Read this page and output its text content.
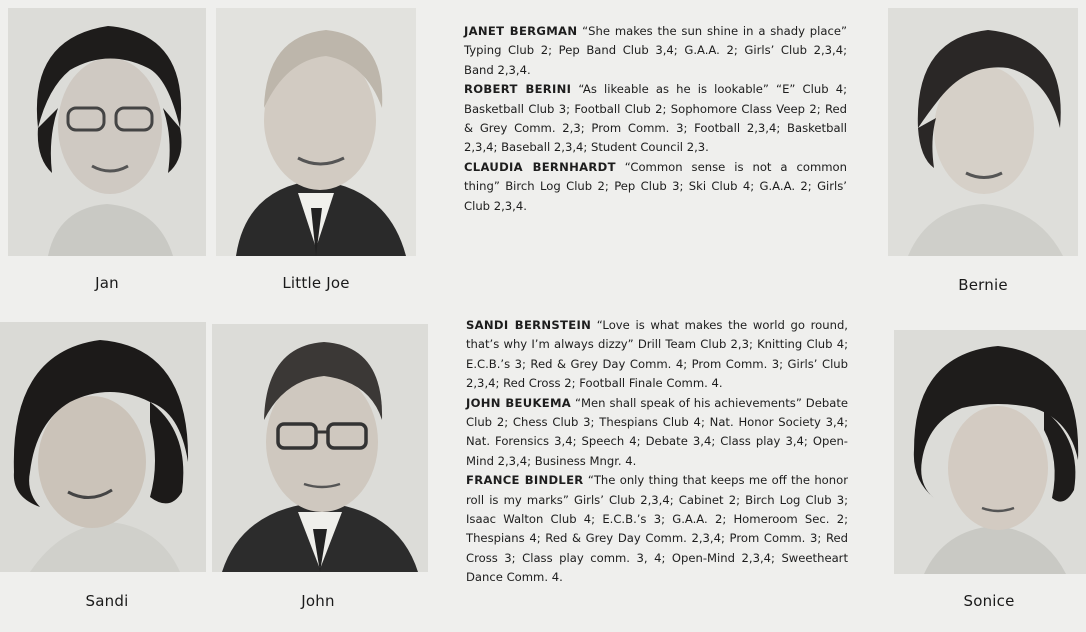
Jan	Little Joe	Bernie
Sandi	John	Sonice

JANET BERGMAN “She makes the sun shine in a shady place” Typing Club 2; Pep Band Club 3,4; G.A.A. 2; Girls’ Club 2,3,4; Band 2,3,4.

ROBERT BERINI “As likeable as he is lookable” “E” Club 4; Basketball Club 3; Football Club 2; Sophomore Class Veep 2; Red & Grey Comm. 2,3; Prom Comm. 3; Football 2,3,4; Basketball 2,3,4; Baseball 2,3,4; Student Council 2,3.

CLAUDIA BERNHARDT “Common sense is not a common thing” Birch Log Club 2; Pep Club 3; Ski Club 4; G.A.A. 2; Girls’ Club 2,3,4.

SANDI BERNSTEIN “Love is what makes the world go round, that’s why I’m always dizzy” Drill Team Club 2,3; Knitting Club 4; E.C.B.’s 3; Red & Grey Day Comm. 4; Prom Comm. 3; Girls’ Club 2,3,4; Red Cross 2; Football Finale Comm. 4.

JOHN BEUKEMA “Men shall speak of his achievements” Debate Club 2; Chess Club 3; Thespians Club 4; Nat. Honor Society 3,4; Nat. Forensics 3,4; Speech 4; Debate 3,4; Class play 3,4; Open-Mind 2,3,4; Business Mngr. 4.

FRANCE BINDLER “The only thing that keeps me off the honor roll is my marks” Girls’ Club 2,3,4; Cabinet 2; Birch Log Club 3; Isaac Walton Club 4; E.C.B.’s 3; G.A.A. 2; Homeroom Sec. 2; Thespians 4; Red & Grey Day Comm. 2,3,4; Prom Comm. 3; Red Cross 3; Class play comm. 3, 4; Open-Mind 2,3,4; Sweetheart Dance Comm. 4.
